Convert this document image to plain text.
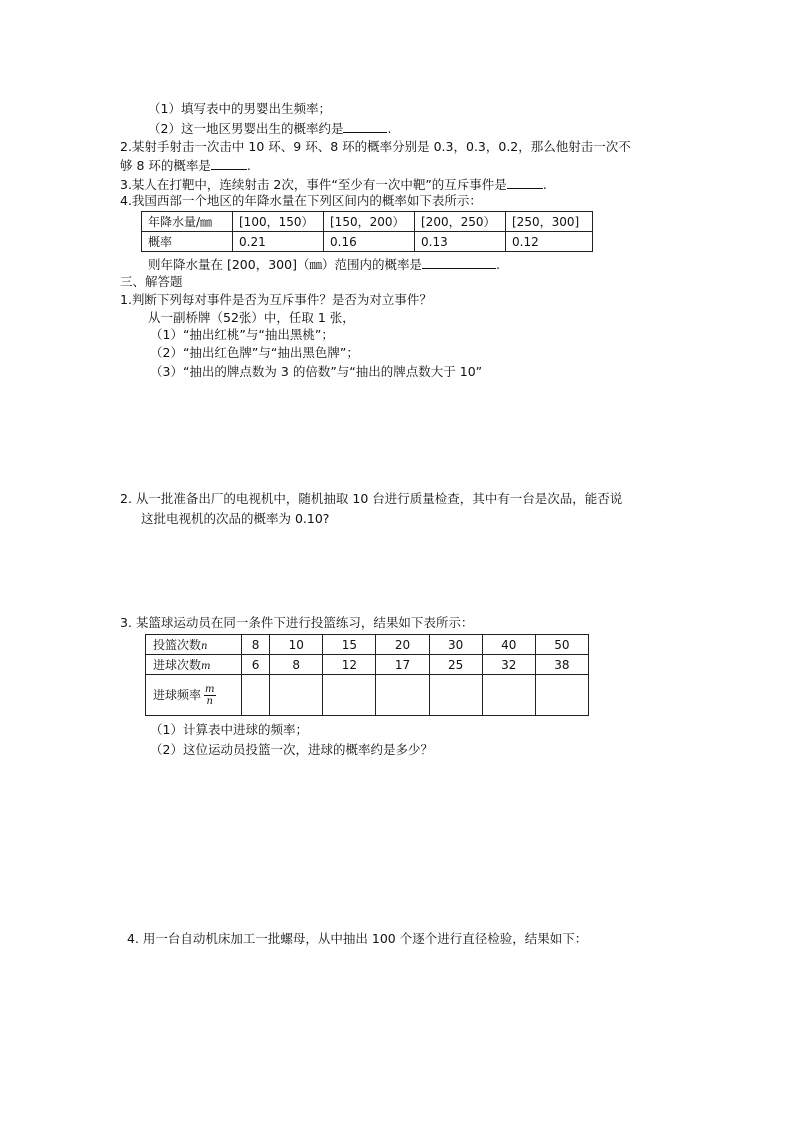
（1）填写表中的男婴出生频率；
（2）这一地区男婴出生的概率约是	.
2.某射手射击一次击中 10 环、9 环、8 环的概率分别是 0.3，0.3，0.2，那么他射击一次不
够 8 环的概率是	.
3.某人在打靶中，连续射击 2次，事件“至少有一次中靶”的互斥事件是	.
4.我国西部一个地区的年降水量在下列区间内的概率如下表所示：
年降水量/㎜	[100，150）	[150，200）	[200，250）	[250，300]
概率	0.21	0.16	0.13	0.12
则年降水量在 [200，300]（㎜）范围内的概率是	.
三、解答题
1.判断下列每对事件是否为互斥事件？是否为对立事件？
从一副桥牌（52张）中，任取 1 张，
（1）“抽出红桃”与“抽出黑桃”；
（2）“抽出红色牌”与“抽出黑色牌”；
（3）“抽出的牌点数为 3 的倍数”与“抽出的牌点数大于 10”
2. 从一批准备出厂的电视机中，随机抽取 10 台进行质量检查，其中有一台是次品，能否说
这批电视机的次品的概率为 0.10?
3. 某篮球运动员在同一条件下进行投篮练习，结果如下表所示：
投篮次数n	8	10	15	20	30	40	50
进球次数m	6	8	12	17	25	32	38
进球频率 $\frac{m}{n}$

（1）计算表中进球的频率；
（2）这位运动员投篮一次，进球的概率约是多少？
4. 用一台自动机床加工一批螺母，从中抽出 100 个逐个进行直径检验，结果如下：
